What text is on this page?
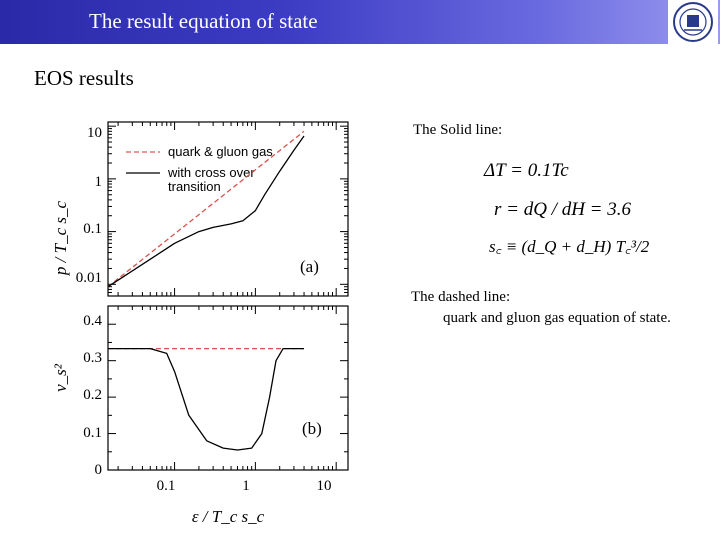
The result equation of state
EOS results
10
1
0.1
0.01
0.4
0.3
0.2
0.1
0
0.1	1	10
p / T_c s_c
v_s²
ε / T_c s_c
quark & gluon gas
with cross over
transition
(a)
(b)
The Solid line:
ΔT = 0.1Tc
r = dQ / dH = 3.6
s꜀ ≡ (d_Q + d_H) T꜀³/2
The dashed line:
quark and gluon gas equation of state.
